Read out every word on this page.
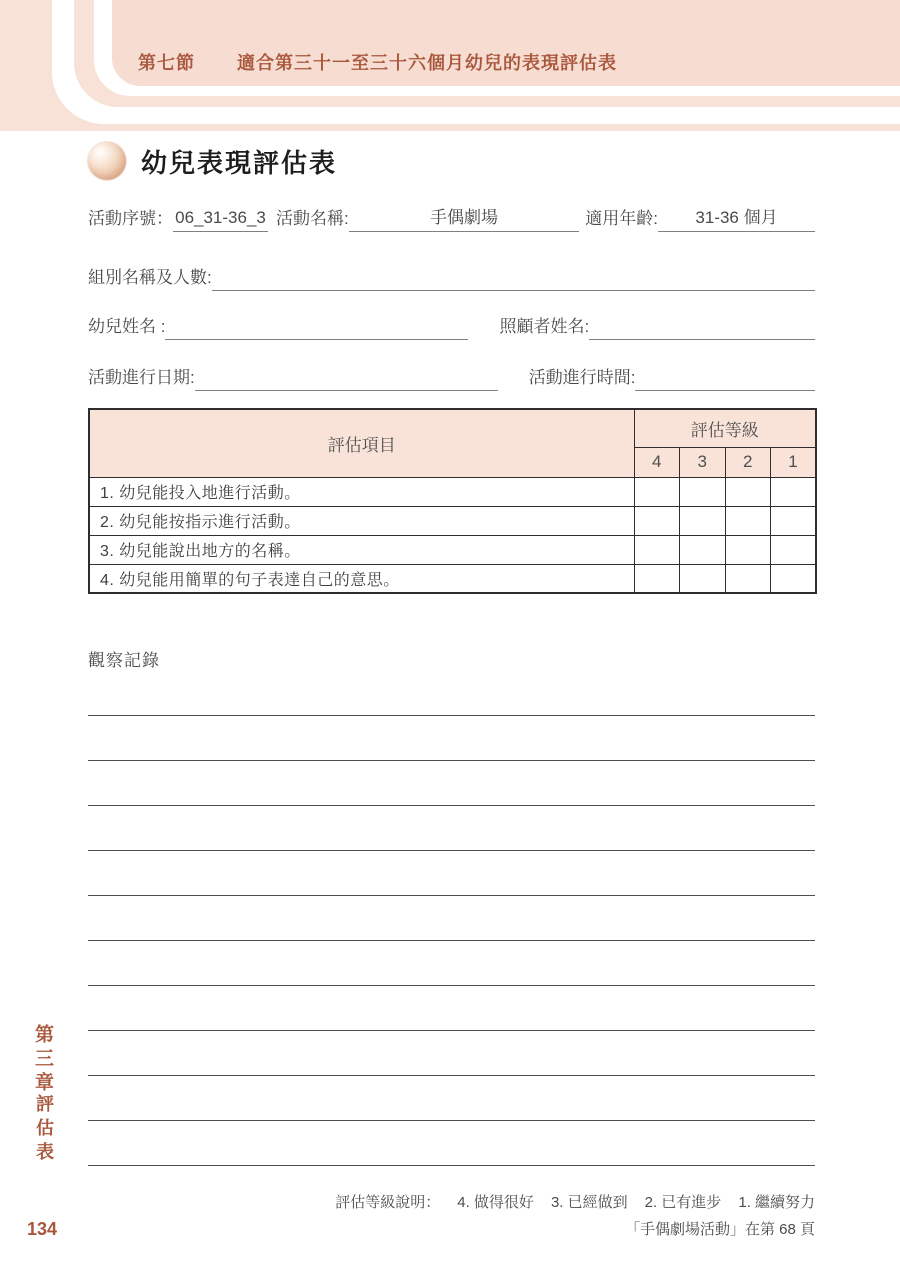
第七節 適合第三十一至三十六個月幼兒的表現評估表
幼兒表現評估表
活動序號： 06_31-36_3 活動名稱:	手偶劇場	適用年齡:	31-36 個月
組別名稱及人數:
幼兒姓名 :	照顧者姓名:
活動進行日期:	活動進行時間:
評估項目	評估等級			
	4	3	2	1
1. 幼兒能投入地進行活動。				
2. 幼兒能按指示進行活動。				
3. 幼兒能說出地方的名稱。				
4. 幼兒能用簡單的句子表達自己的意思。				
觀察記錄
第三章
評估表
134
評估等級說明： 4. 做得很好 3. 已經做到 2. 已有進步 1. 繼續努力
「手偶劇場活動」在第 68 頁
